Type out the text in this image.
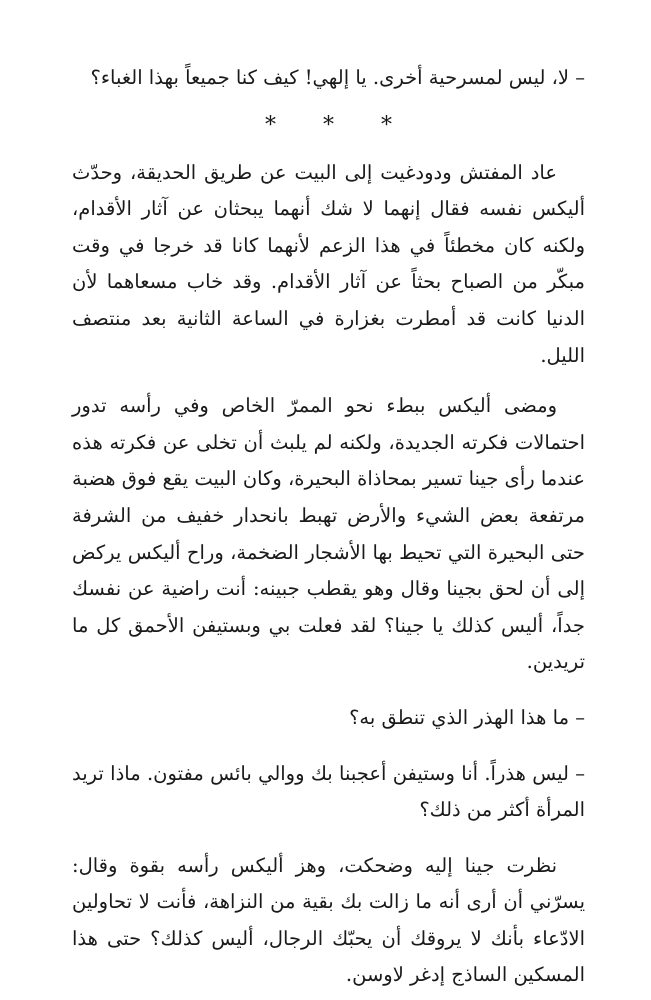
– لا، ليس لمسرحية أخرى. يا إلهي! كيف كنا جميعاً بهذا الغباء؟

* * *

عاد المفتش ودودغيت إلى البيت عن طريق الحديقة، وحدّث أليكس نفسه فقال إنهما لا شك أنهما يبحثان عن آثار الأقدام، ولكنه كان مخطئاً في هذا الزعم لأنهما كانا قد خرجا في وقت مبكّر من الصباح بحثاً عن آثار الأقدام. وقد خاب مسعاهما لأن الدنيا كانت قد أمطرت بغزارة في الساعة الثانية بعد منتصف الليل.

ومضى أليكس ببطء نحو الممرّ الخاص وفي رأسه تدور احتمالات فكرته الجديدة، ولكنه لم يلبث أن تخلى عن فكرته هذه عندما رأى جينا تسير بمحاذاة البحيرة، وكان البيت يقع فوق هضبة مرتفعة بعض الشيء والأرض تهبط بانحدار خفيف من الشرفة حتى البحيرة التي تحيط بها الأشجار الضخمة، وراح أليكس يركض إلى أن لحق بجينا وقال وهو يقطب جبينه: أنت راضية عن نفسك جداً، أليس كذلك يا جينا؟ لقد فعلت بي وبستيفن الأحمق كل ما تريدين.

– ما هذا الهذر الذي تنطق به؟

– ليس هذراً. أنا وستيفن أعجبنا بك ووالي بائس مفتون. ماذا تريد المرأة أكثر من ذلك؟

نظرت جينا إليه وضحكت، وهز أليكس رأسه بقوة وقال: يسرّني أن أرى أنه ما زالت بك بقية من النزاهة، فأنت لا تحاولين الادّعاء بأنك لا يروقك أن يحبّك الرجال، أليس كذلك؟ حتى هذا المسكين الساذج إدغر لاوسن.
